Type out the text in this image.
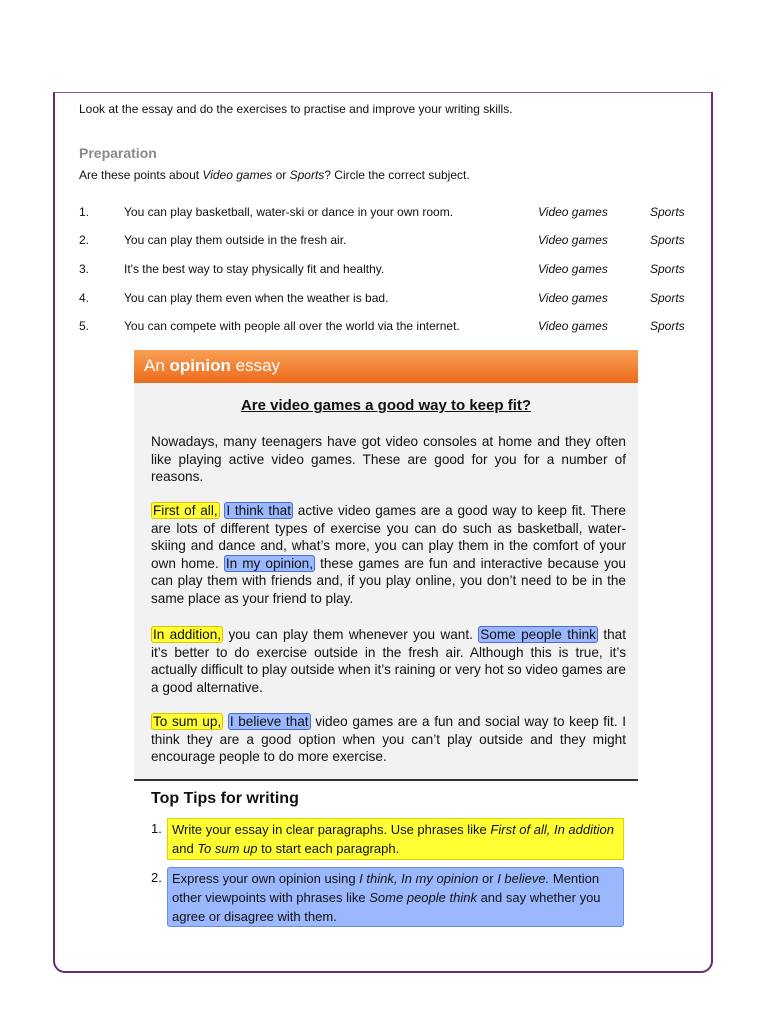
Look at the essay and do the exercises to practise and improve your writing skills.
Preparation
Are these points about Video games or Sports? Circle the correct subject.
1.	You can play basketball, water-ski or dance in your own room.	Video games	Sports
2.	You can play them outside in the fresh air.	Video games	Sports
3.	It's the best way to stay physically fit and healthy.	Video games	Sports
4.	You can play them even when the weather is bad.	Video games	Sports
5.	You can compete with people all over the world via the internet.	Video games	Sports
An opinion essay
Are video games a good way to keep fit?
Nowadays, many teenagers have got video consoles at home and they often like playing active video games. These are good for you for a number of reasons.
First of all, I think that active video games are a good way to keep fit. There are lots of different types of exercise you can do such as basketball, water-skiing and dance and, what’s more, you can play them in the comfort of your own home. In my opinion, these games are fun and interactive because you can play them with friends and, if you play online, you don’t need to be in the same place as your friend to play.
In addition, you can play them whenever you want. Some people think that it’s better to do exercise outside in the fresh air. Although this is true, it’s actually difficult to play outside when it’s raining or very hot so video games are a good alternative.
To sum up, I believe that video games are a fun and social way to keep fit. I think they are a good option when you can’t play outside and they might encourage people to do more exercise.
Top Tips for writing
1. Write your essay in clear paragraphs. Use phrases like First of all, In addition and To sum up to start each paragraph.
2. Express your own opinion using I think, In my opinion or I believe. Mention other viewpoints with phrases like Some people think and say whether you agree or disagree with them.
